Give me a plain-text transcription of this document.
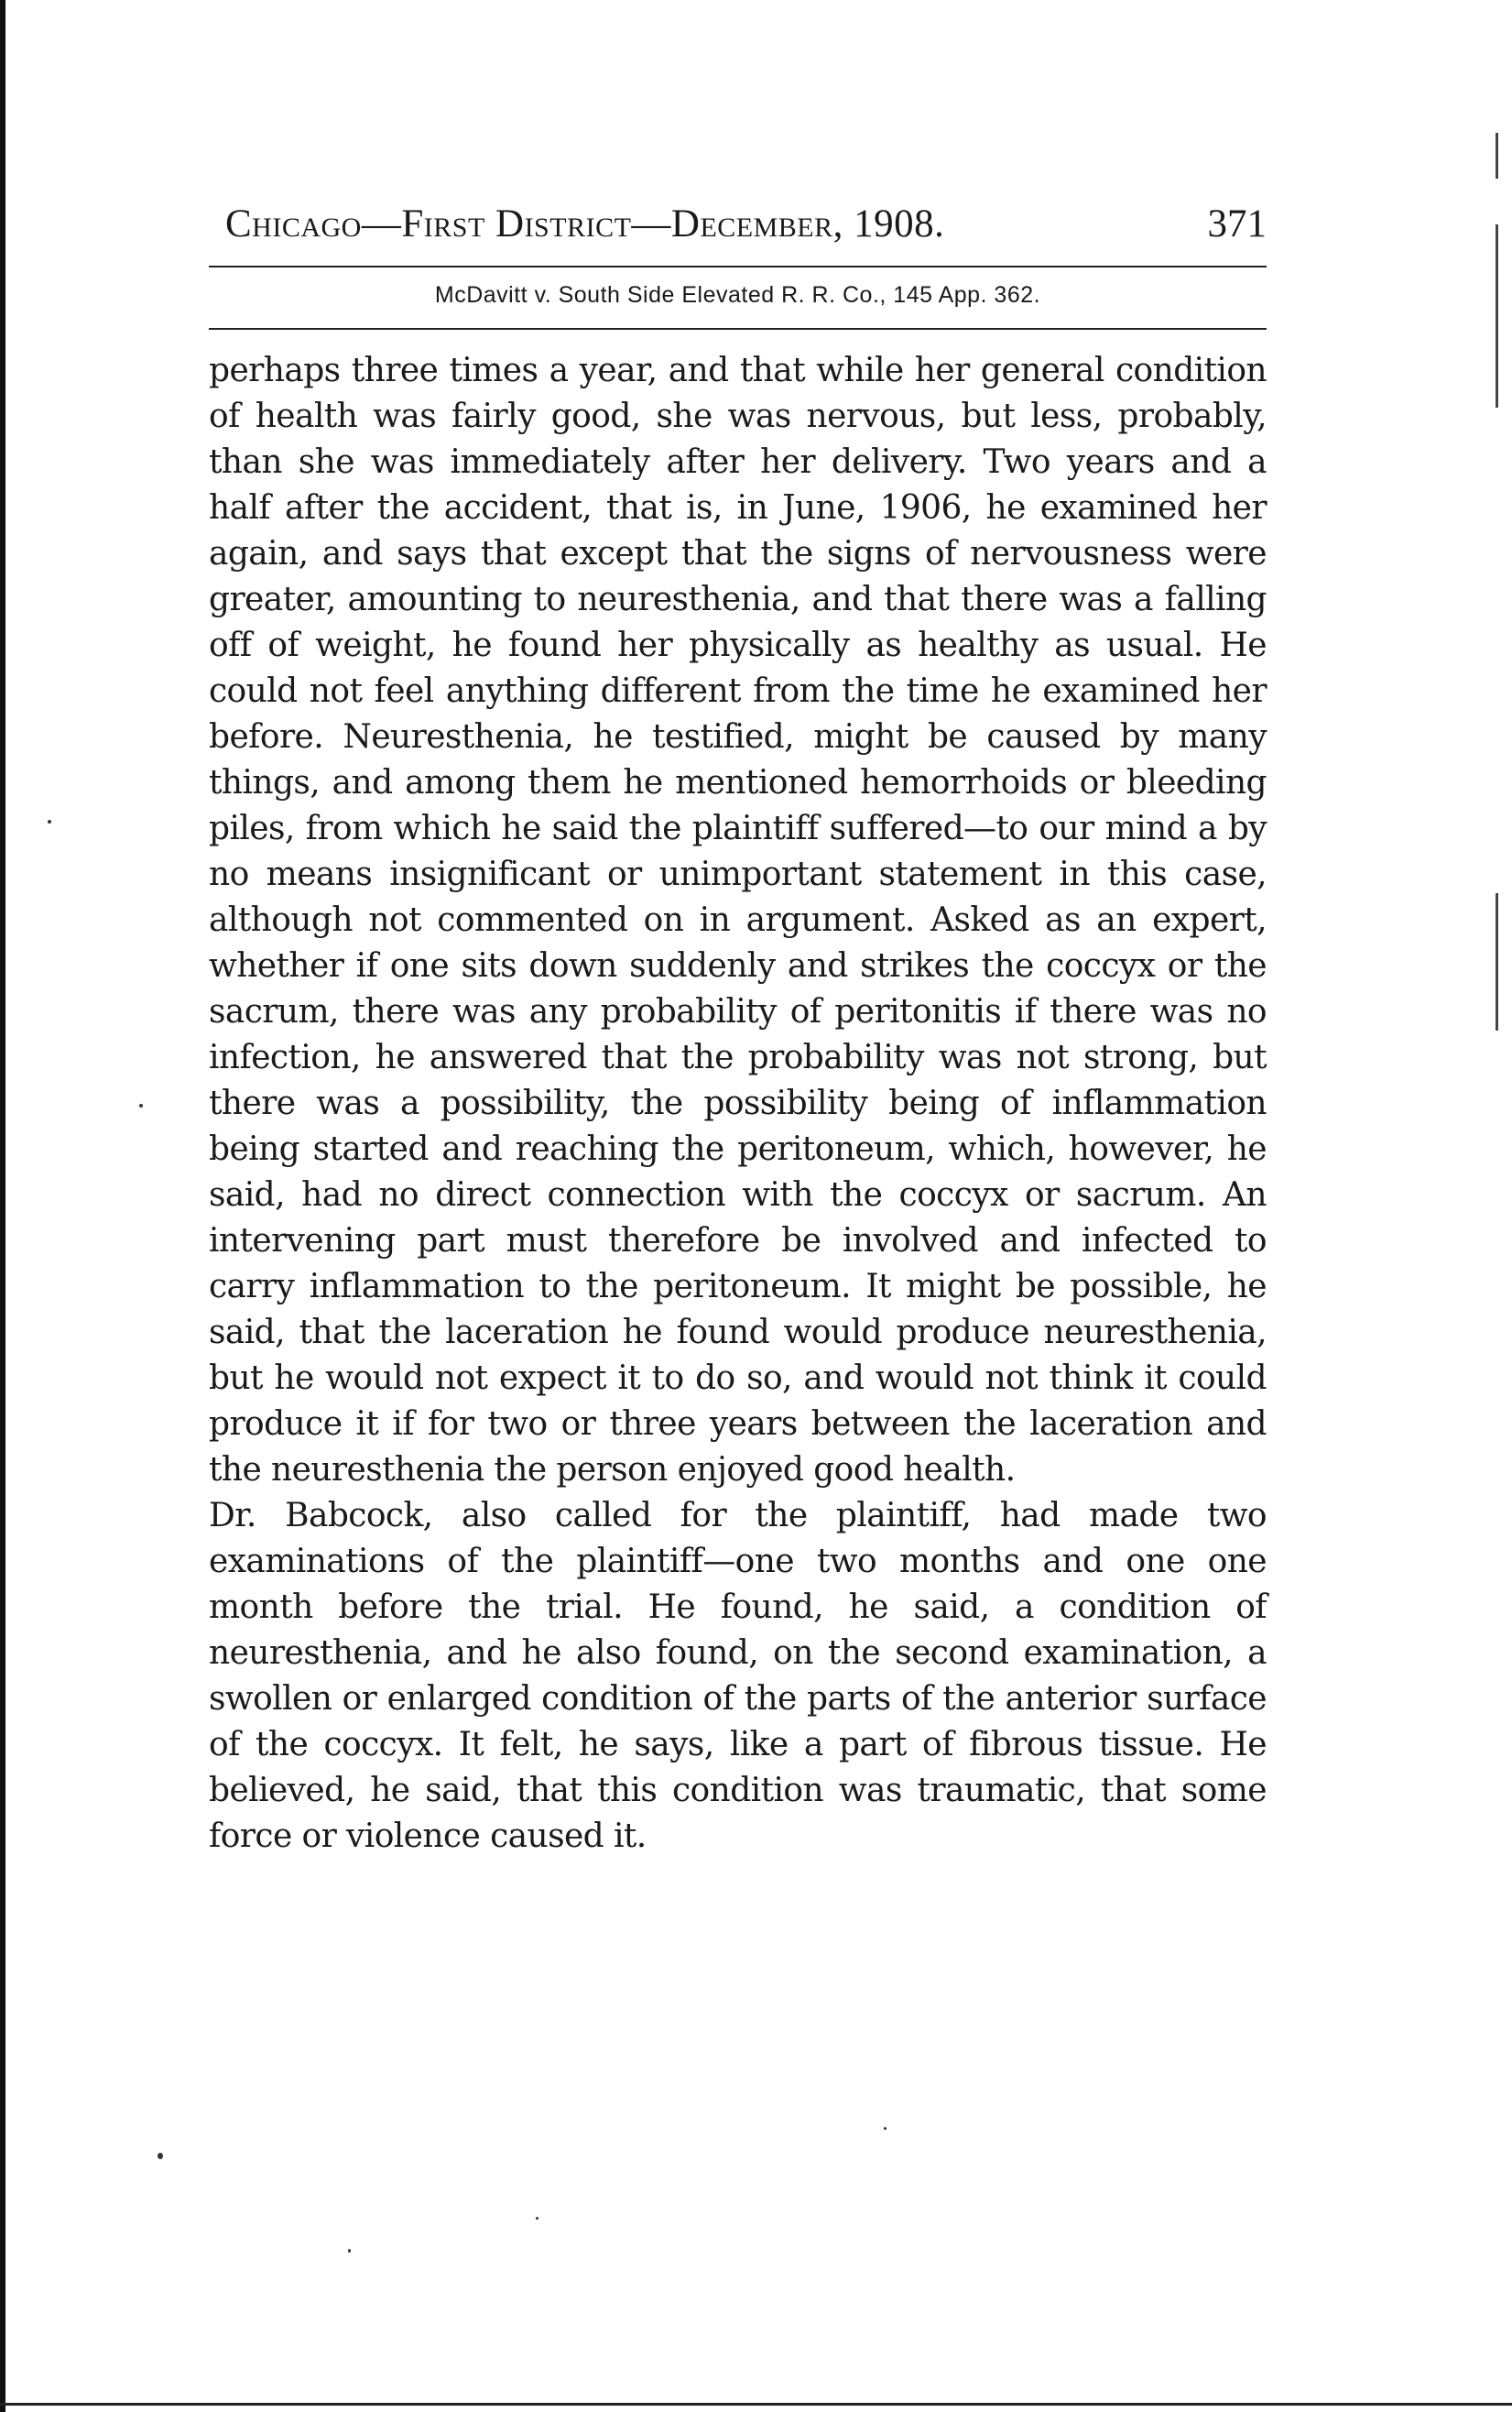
Chicago—First District—December, 1908.	371
McDavitt v. South Side Elevated R. R. Co., 145 App. 362.

perhaps three times a year, and that while her general condition of health was fairly good, she was nervous, but less, probably, than she was immediately after her delivery. Two years and a half after the accident, that is, in June, 1906, he examined her again, and says that except that the signs of nervousness were greater, amounting to neuresthenia, and that there was a falling off of weight, he found her physically as healthy as usual. He could not feel anything different from the time he examined her before. Neuresthenia, he testified, might be caused by many things, and among them he mentioned hemorrhoids or bleeding piles, from which he said the plaintiff suffered—to our mind a by no means insignificant or unimportant statement in this case, although not commented on in argument. Asked as an expert, whether if one sits down suddenly and strikes the coccyx or the sacrum, there was any probability of peritonitis if there was no infection, he answered that the probability was not strong, but there was a possibility, the possibility being of inflammation being started and reaching the peritoneum, which, however, he said, had no direct connection with the coccyx or sacrum. An intervening part must therefore be involved and infected to carry inflammation to the peritoneum. It might be possible, he said, that the laceration he found would produce neuresthenia, but he would not expect it to do so, and would not think it could produce it if for two or three years between the laceration and the neuresthenia the person enjoyed good health.

Dr. Babcock, also called for the plaintiff, had made two examinations of the plaintiff—one two months and one one month before the trial. He found, he said, a condition of neuresthenia, and he also found, on the second examination, a swollen or enlarged condition of the parts of the anterior surface of the coccyx. It felt, he says, like a part of fibrous tissue. He believed, he said, that this condition was traumatic, that some force or violence caused it.
